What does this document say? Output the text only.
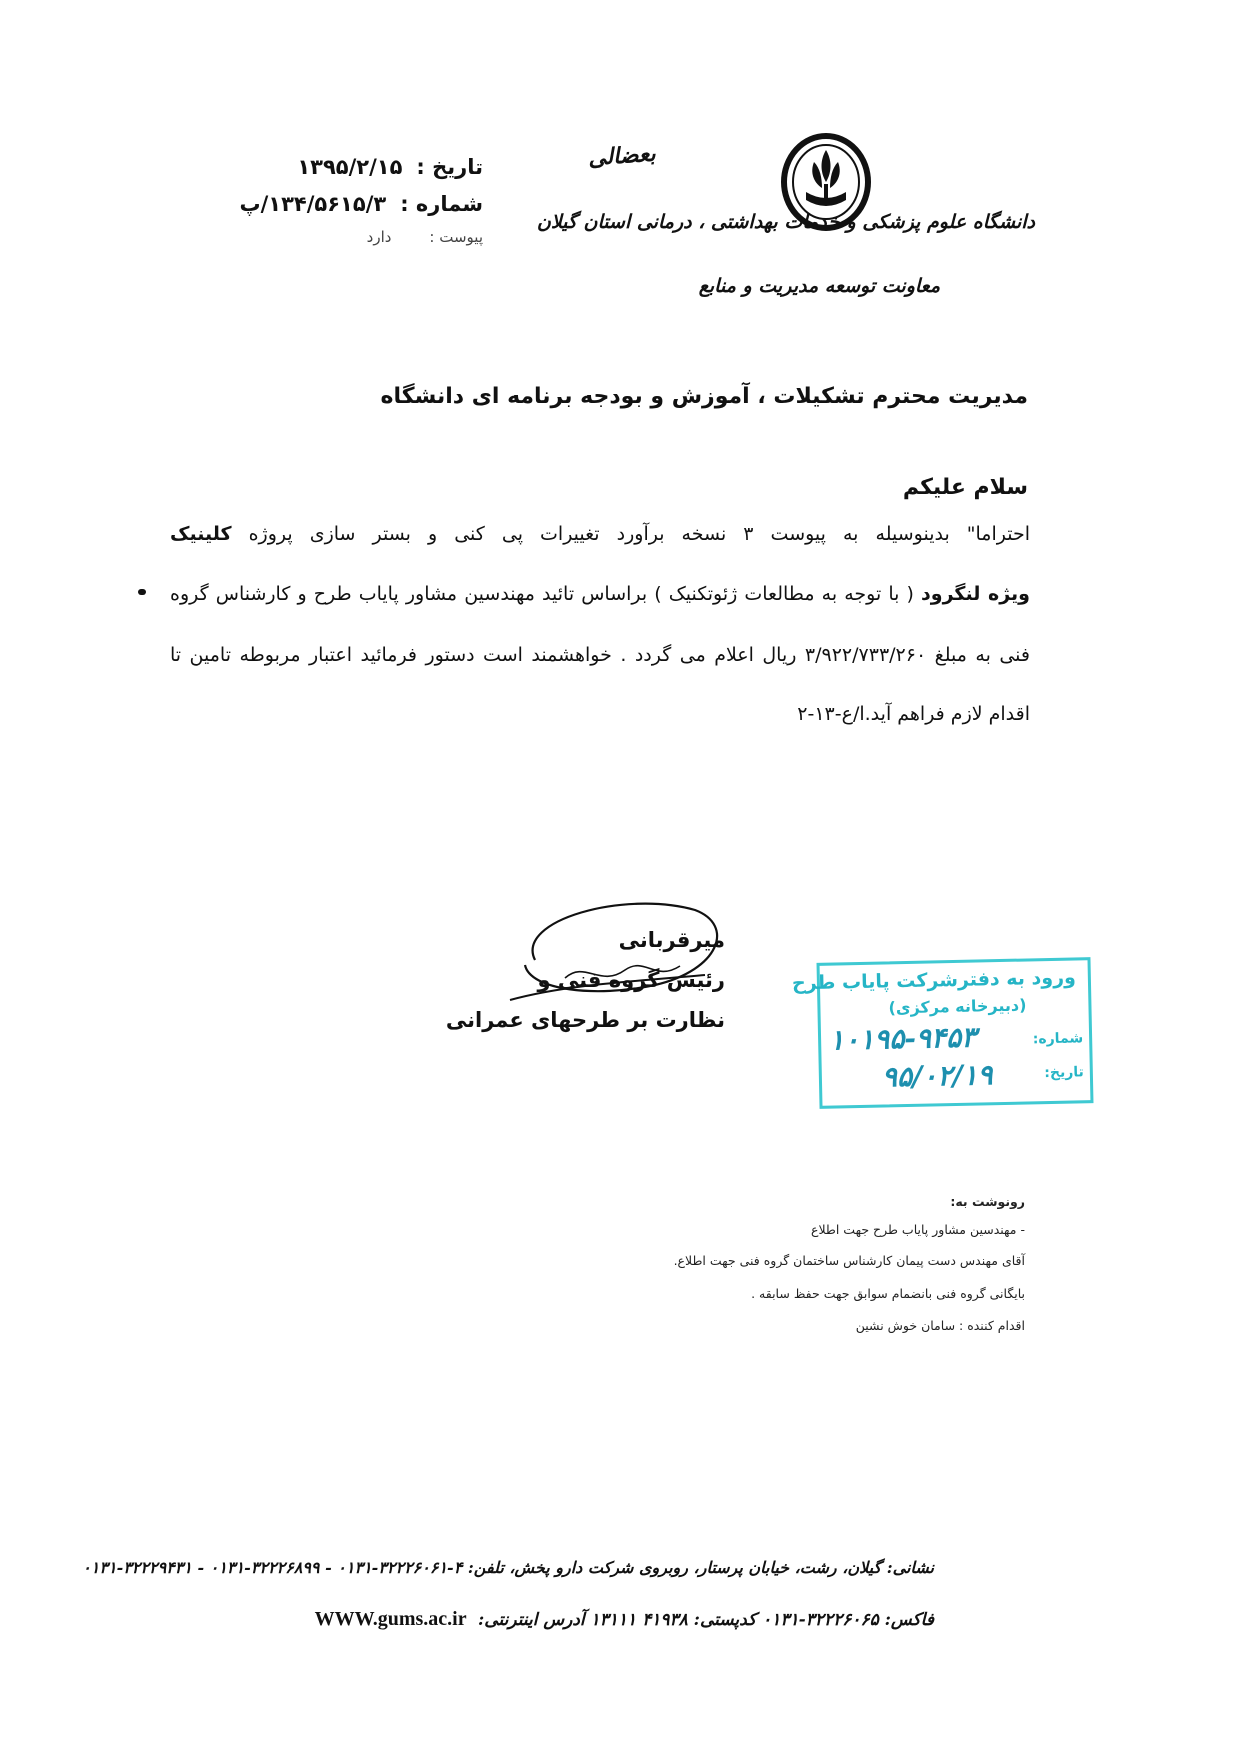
بعضالی
دانشگاه علوم پزشکی و خدمات بهداشتی ، درمانی استان گیلان
معاونت توسعه مدیریت و منابع
تاریخ :
۱۳۹۵/۲/۱۵
شماره :
۱۳۴/۵۶۱۵/۳/پ
پیوست :
دارد
مدیریت محترم تشکیلات ، آموزش و بودجه برنامه ای دانشگاه
سلام علیکم
احتراما" بدینوسیله به پیوست ۳ نسخه برآورد تغییرات پی کنی و بستر سازی پروژه کلینیک
ویژه لنگرود ( با توجه به مطالعات ژئوتکنیک ) براساس تائید مهندسین مشاور پایاب طرح و کارشناس گروه
فنی به مبلغ ۳/۹۲۲/۷۳۳/۲۶۰ ریال اعلام می گردد . خواهشمند است دستور فرمائید اعتبار مربوطه تامین تا
اقدام لازم فراهم آید.ا/ع-۱۳-۲
میرقربانی
رئیس گروه فنی و
نظارت بر طرحهای عمرانی
ورود به دفترشرکت پایاب طرح
(دبیرخانه مرکزی)
شماره:
۱۰۱۹۵-۹۴۵۳
تاریخ:
۹۵/۰۲/۱۹
رونوشت به:
- مهندسین مشاور پایاب طرح جهت اطلاع
آقای مهندس دست پیمان کارشناس ساختمان گروه فنی جهت اطلاع.
بایگانی گروه فنی بانضمام سوابق جهت حفظ سابقه .
اقدام کننده : سامان خوش نشین
نشانی: گیلان، رشت، خیابان پرستار، روبروی شرکت دارو پخش، تلفن: ۴-۳۲۲۲۶۰۶۱-۰۱۳۱ - ۳۲۲۲۶۸۹۹-۰۱۳۱ - ۳۲۲۲۹۴۳۱-۰۱۳۱
فاکس: ۳۲۲۲۶۰۶۵-۰۱۳۱ کدپستی: ۴۱۹۳۸ ۱۳۱۱۱ آدرس اینترنتی: WWW.gums.ac.ir
